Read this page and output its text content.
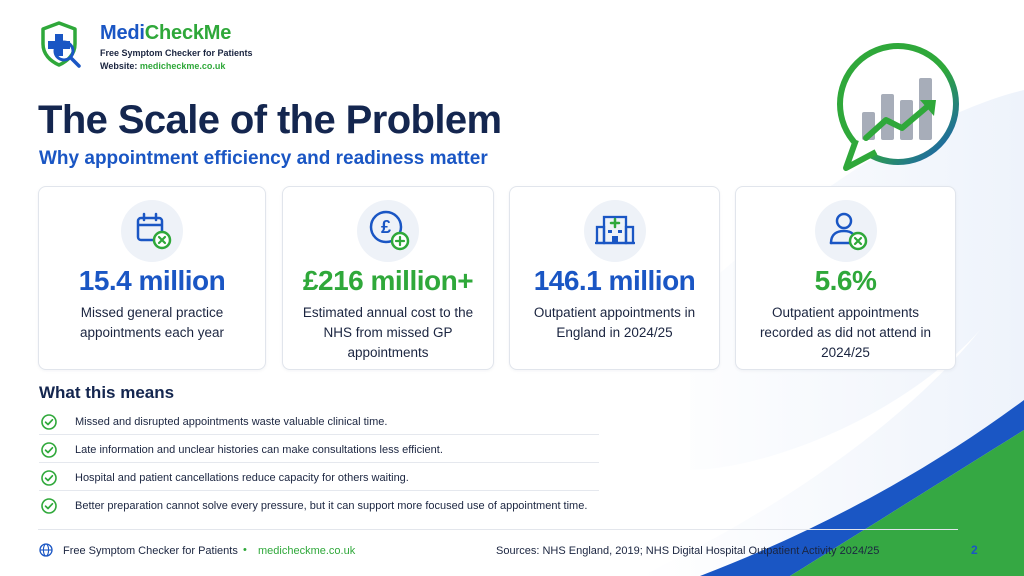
MediCheckMe
Free Symptom Checker for Patients
Website: medicheckme.co.uk
The Scale of the Problem
Why appointment efficiency and readiness matter
15.4 million
Missed general practice appointments each year
£
£216 million+
Estimated annual cost to the NHS from missed GP appointments
146.1 million
Outpatient appointments in England in 2024/25
5.6%
Outpatient appointments recorded as did not attend in 2024/25
What this means
Missed and disrupted appointments waste valuable clinical time.
Late information and unclear histories can make consultations less efficient.
Hospital and patient cancellations reduce capacity for others waiting.
Better preparation cannot solve every pressure, but it can support more focused use of appointment time.
Free Symptom Checker for Patients • medicheckme.co.uk	Sources: NHS England, 2019; NHS Digital Hospital Outpatient Activity 2024/25	2
